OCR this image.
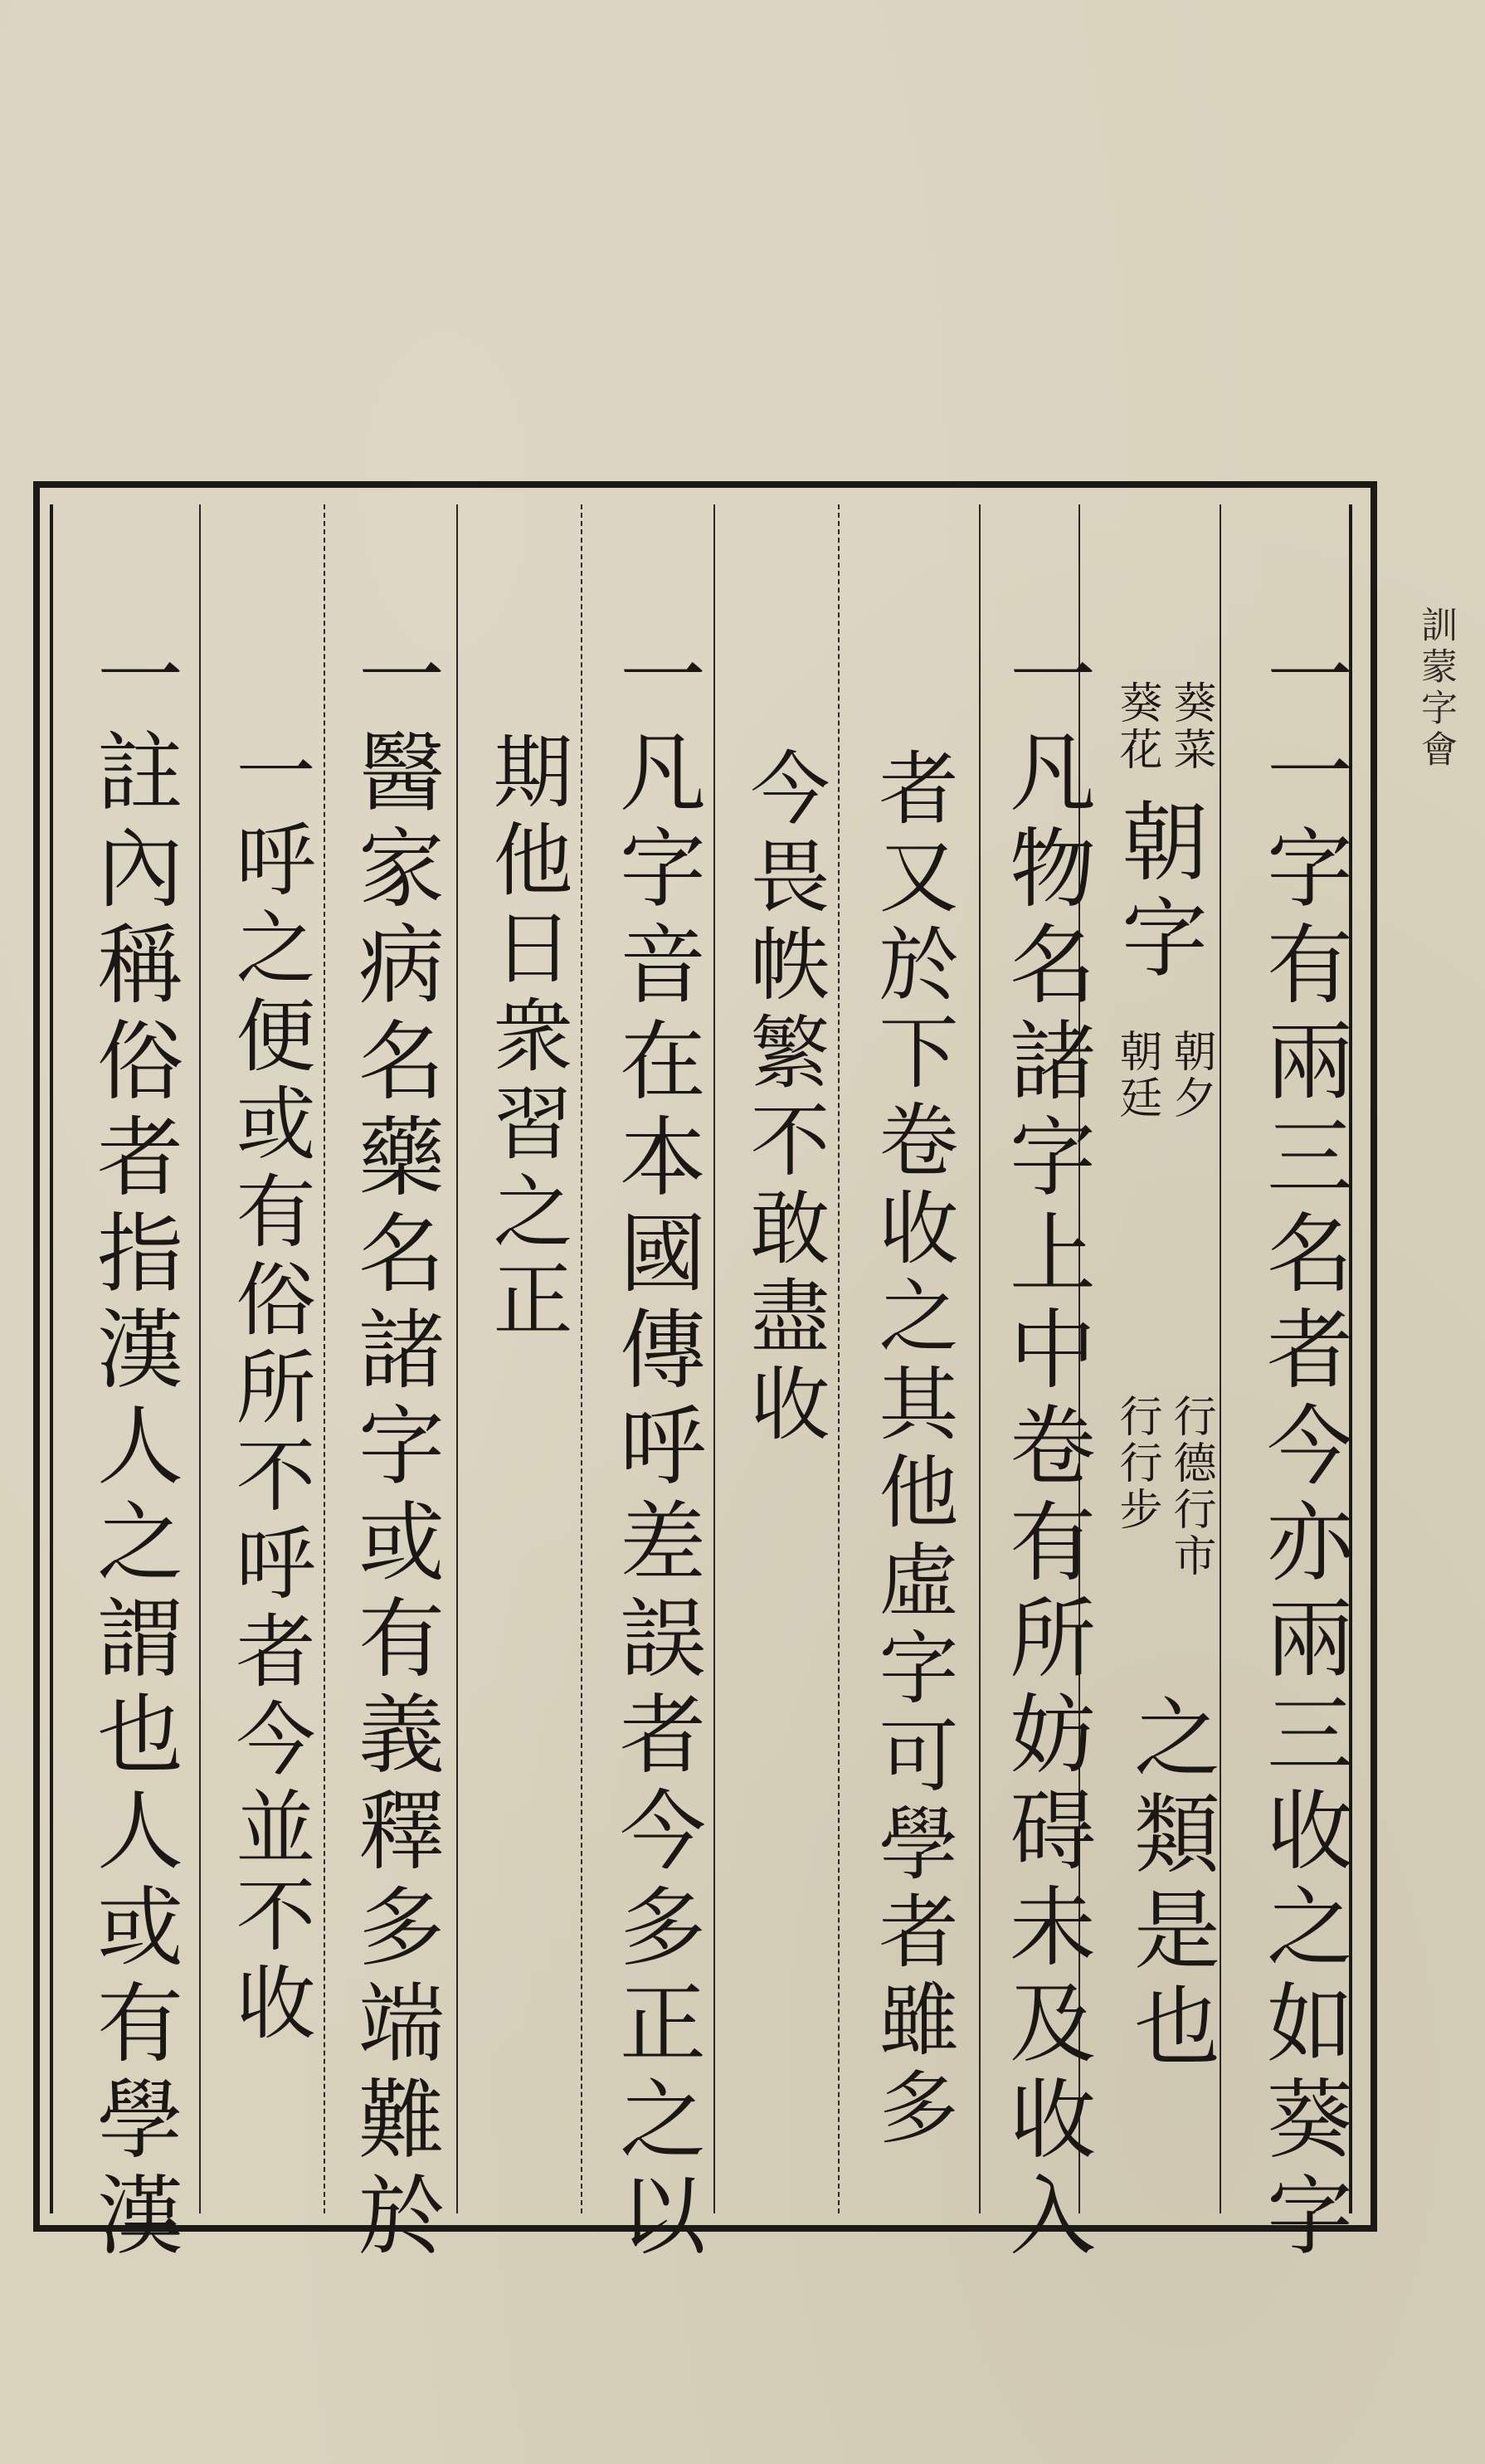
訓蒙字會
一一字有兩三名者今亦兩三收之如葵字
葵菜
葵花
朝字
朝夕
朝廷
行德行市
行行步
之類是也
一凡物名諸字上中卷有所妨碍未及收入
者又於下卷收之其他虛字可學者雖多
今畏帙繁不敢盡收
一凡字音在本國傳呼差誤者今多正之以
期他日衆習之正
一醫家病名藥名諸字或有義釋多端難於
一呼之便或有俗所不呼者今並不收
一註內稱俗者指漢人之謂也人或有學漢
